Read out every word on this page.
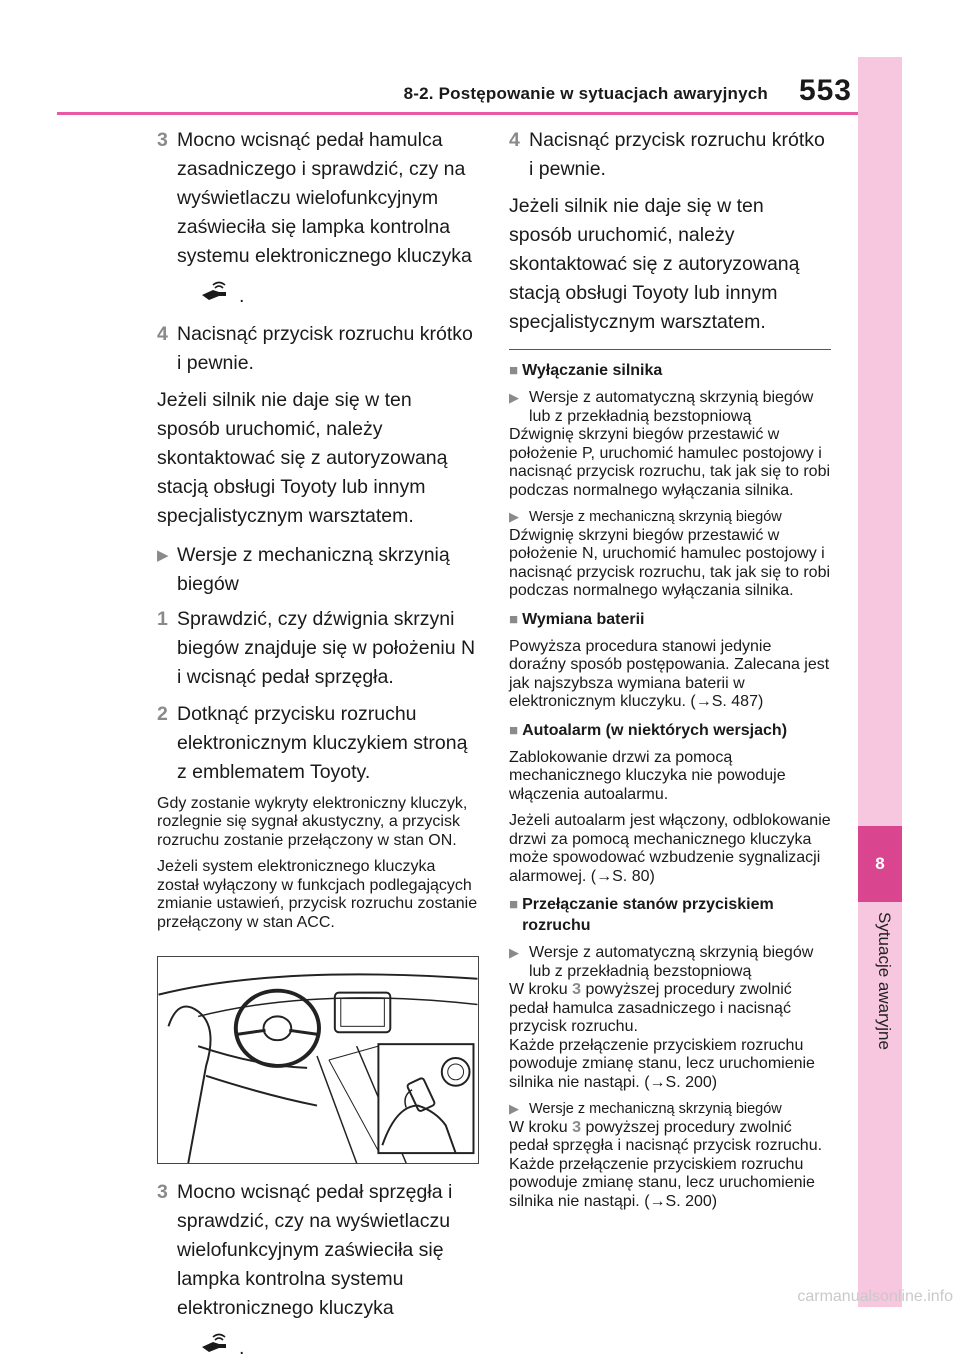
8-2. Postępowanie w sytuacjach awaryjnych 553
8
Sytuacje awaryjne
3 Mocno wcisnąć pedał hamulca zasadniczego i sprawdzić, czy na wyświetlaczu wielofunkcyjnym zaświeciła się lampka kontrolna systemu elektronicznego kluczyka
.
4 Nacisnąć przycisk rozruchu krótko i pewnie.
Jeżeli silnik nie daje się w ten sposób uruchomić, należy skontaktować się z autoryzowaną stacją obsługi Toyoty lub innym specjalistycznym warsztatem.
▶ Wersje z mechaniczną skrzynią biegów
1 Sprawdzić, czy dźwignia skrzyni biegów znajduje się w położeniu N i wcisnąć pedał sprzęgła.
2 Dotknąć przycisku rozruchu elektronicznym kluczykiem stroną z emblematem Toyoty.
Gdy zostanie wykryty elektroniczny kluczyk, rozlegnie się sygnał akustyczny, a przycisk rozruchu zostanie przełączony w stan ON.
Jeżeli system elektronicznego kluczyka został wyłączony w funkcjach podlegających zmianie ustawień, przycisk rozruchu zostanie przełączony w stan ACC.
3 Mocno wcisnąć pedał sprzęgła i sprawdzić, czy na wyświetlaczu wielofunkcyjnym zaświeciła się lampka kontrolna systemu elektronicznego kluczyka
.
4 Nacisnąć przycisk rozruchu krótko i pewnie.
Jeżeli silnik nie daje się w ten sposób uruchomić, należy skontaktować się z autoryzowaną stacją obsługi Toyoty lub innym specjalistycznym warsztatem.
■ Wyłączanie silnika
▶ Wersje z automatyczną skrzynią biegów lub z przekładnią bezstopniową
Dźwignię skrzyni biegów przestawić w położenie P, uruchomić hamulec postojowy i nacisnąć przycisk rozruchu, tak jak się to robi podczas normalnego wyłączania silnika.
▶ Wersje z mechaniczną skrzynią biegów
Dźwignię skrzyni biegów przestawić w położenie N, uruchomić hamulec postojowy i nacisnąć przycisk rozruchu, tak jak się to robi podczas normalnego wyłączania silnika.
■ Wymiana baterii
Powyższa procedura stanowi jedynie doraźny sposób postępowania. Zalecana jest jak najszybsza wymiana baterii w elektronicznym kluczyku. (→S. 487)
■ Autoalarm (w niektórych wersjach)
Zablokowanie drzwi za pomocą mechanicznego kluczyka nie powoduje włączenia autoalarmu.
Jeżeli autoalarm jest włączony, odblokowanie drzwi za pomocą mechanicznego kluczyka może spowodować wzbudzenie sygnalizacji alarmowej. (→S. 80)
■ Przełączanie stanów przyciskiem rozruchu
▶ Wersje z automatyczną skrzynią biegów lub z przekładnią bezstopniową
W kroku 3 powyższej procedury zwolnić pedał hamulca zasadniczego i nacisnąć przycisk rozruchu.
Każde przełączenie przyciskiem rozruchu powoduje zmianę stanu, lecz uruchomienie silnika nie nastąpi. (→S. 200)
▶ Wersje z mechaniczną skrzynią biegów
W kroku 3 powyższej procedury zwolnić pedał sprzęgła i nacisnąć przycisk rozruchu.
Każde przełączenie przyciskiem rozruchu powoduje zmianę stanu, lecz uruchomienie silnika nie nastąpi. (→S. 200)
carmanualsonline.info
